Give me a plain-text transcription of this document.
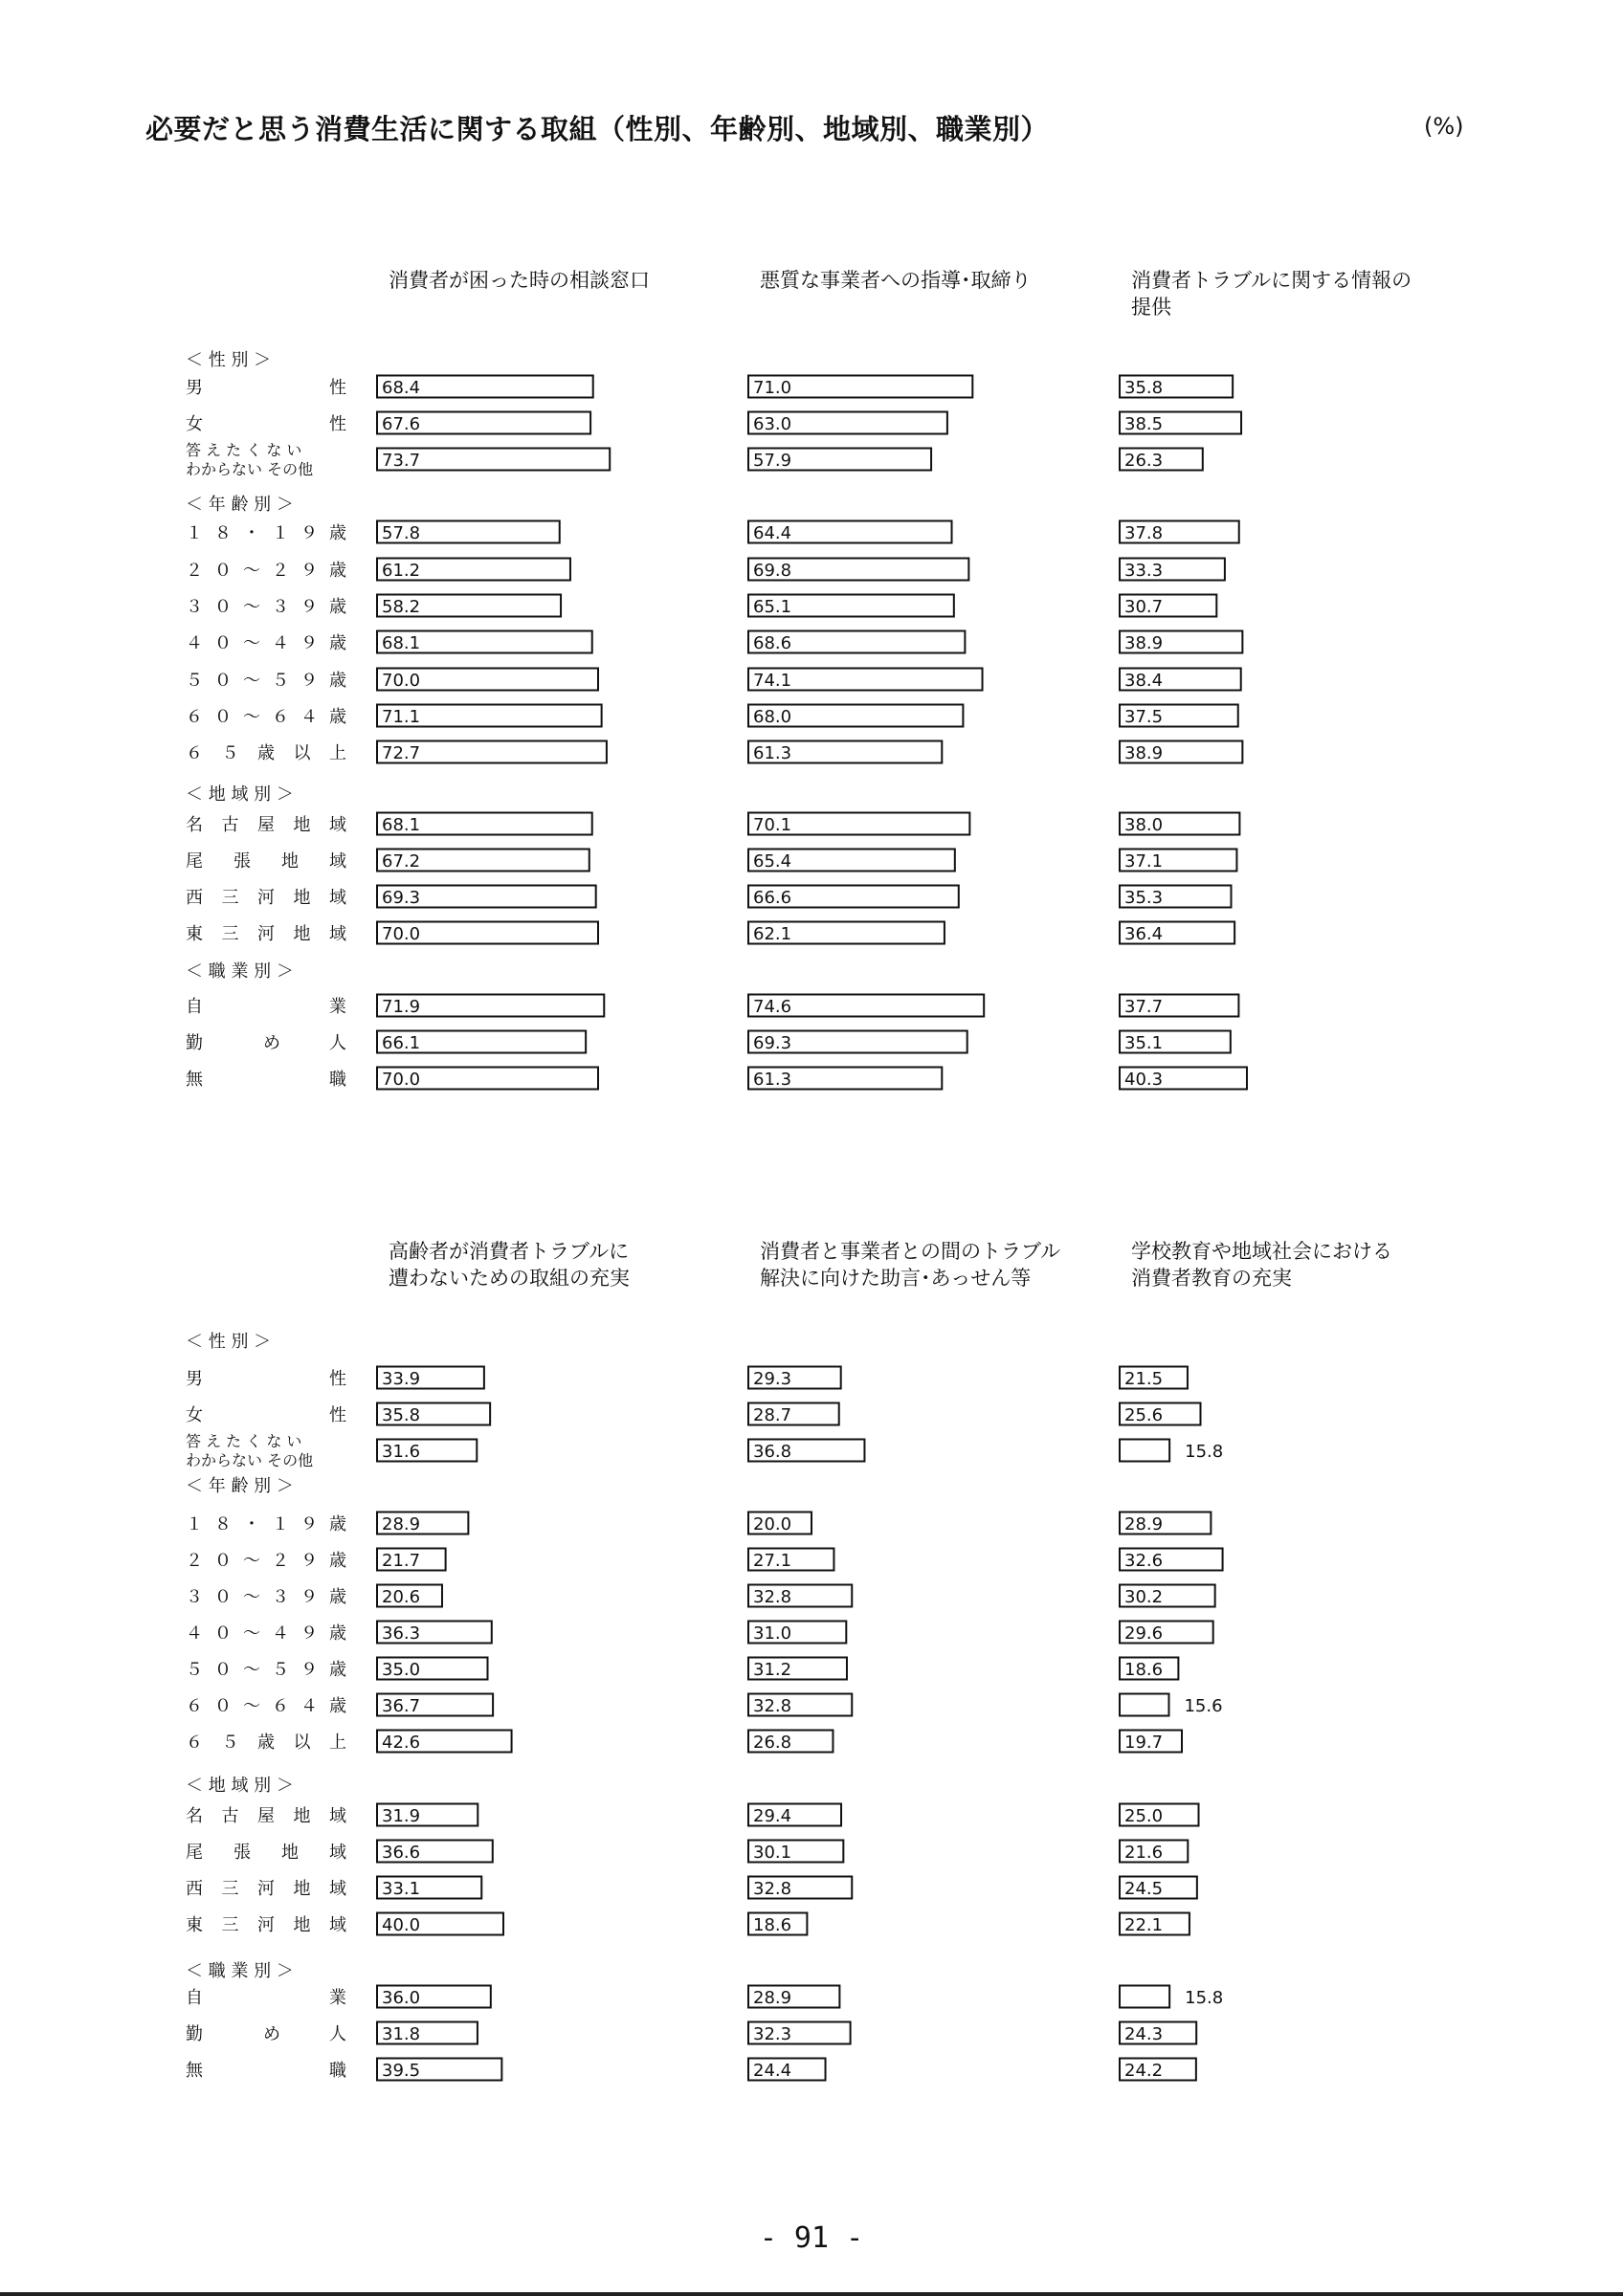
必要だと思う消費生活に関する取組（性別、年齢別、地域別、職業別）	(%)
消費者が困った時の相談窓口	悪質な事業者への指導･取締り	消費者トラブルに関する情報の
提供
＜ 性 別 ＞
＜ 年 齢 別 ＞
＜ 地 域 別 ＞
＜ 職 業 別 ＞
男	性 68.4	71.0	35.8
女	性 67.6	63.0	38.5
答 え た く な い
わからない その他	73.7	57.9	26.3
１ ８ ・ １ ９ 歳 57.8	64.4	37.8
２ ０ ～ ２ ９ 歳 61.2	69.8	33.3
３ ０ ～ ３ ９ 歳 58.2	65.1	30.7
４ ０ ～ ４ ９ 歳 68.1	68.6	38.9
５ ０ ～ ５ ９ 歳 70.0	74.1	38.4
６ ０ ～ ６ ４ 歳 71.1	68.0	37.5
６ ５ 歳 以 上 72.7	61.3	38.9
名 古 屋 地 域 68.1	70.1	38.0
尾 張 地 域 67.2	65.4	37.1
西 三 河 地 域 69.3	66.6	35.3
東 三 河 地 域 70.0	62.1	36.4
自	業 71.9	74.6	37.7
勤	め	人 66.1	69.3	35.1
無	職 70.0	61.3	40.3
高齢者が消費者トラブルに
遭わないための取組の充実
消費者と事業者との間のトラブル
解決に向けた助言･あっせん等
学校教育や地域社会における
消費者教育の充実
＜ 性 別 ＞
＜ 年 齢 別 ＞
＜ 地 域 別 ＞
＜ 職 業 別 ＞
男	性 33.9	29.3	21.5
女	性 35.8	28.7	25.6
答 え た く な い
わからない その他	31.6	36.8	15.8
１ ８ ・ １ ９ 歳 28.9	20.0	28.9
２ ０ ～ ２ ９ 歳 21.7	27.1	32.6
３ ０ ～ ３ ９ 歳 20.6	32.8	30.2
４ ０ ～ ４ ９ 歳 36.3	31.0	29.6
５ ０ ～ ５ ９ 歳 35.0	31.2	18.6
６ ０ ～ ６ ４ 歳 36.7	32.8	15.6
６ ５ 歳 以 上 42.6	26.8	19.7
名 古 屋 地 域 31.9	29.4	25.0
尾 張 地 域 36.6	30.1	21.6
西 三 河 地 域 33.1	32.8	24.5
東 三 河 地 域 40.0	18.6	22.1
自	業 36.0	28.9	15.8
勤	め	人 31.8	32.3	24.3
無	職 39.5	24.4	24.2
- 91 -
